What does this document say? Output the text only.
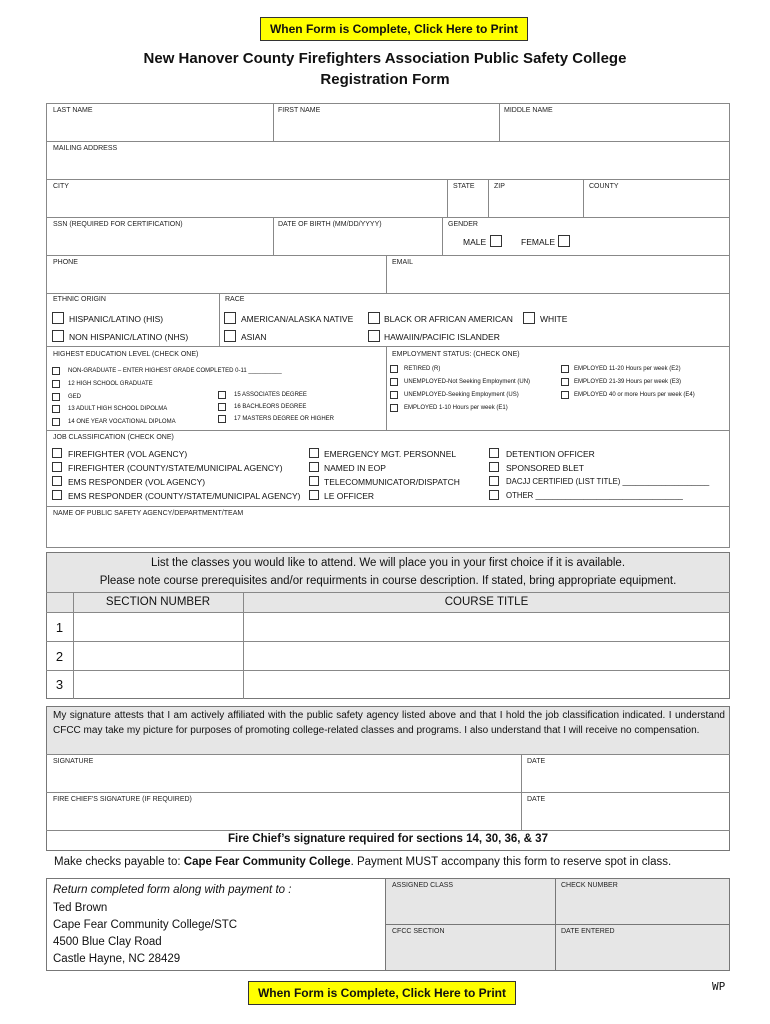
When Form is Complete, Click Here to Print
New Hanover County Firefighters Association Public Safety College
Registration Form
LAST NAME	FIRST NAME	MIDDLE NAME
MAILING ADDRESS
CITY	STATE	ZIP	COUNTY
SSN (REQUIRED FOR CERTIFICATION)	DATE OF BIRTH (MM/DD/YYYY)	GENDER
MALE	FEMALE
PHONE	EMAIL
ETHNIC ORIGIN	RACE
HISPANIC/LATINO (HIS)
NON HISPANIC/LATINO (NHS)
AMERICAN/ALASKA NATIVE	BLACK OR AFRICAN AMERICAN	WHITE
ASIAN	HAWAIIN/PACIFIC ISLANDER
HIGHEST EDUCATION LEVEL (CHECK ONE)	EMPLOYMENT STATUS: (CHECK ONE)
NON-GRADUATE – ENTER HIGHEST GRADE COMPLETED 0-11 __________
12 HIGH SCHOOL GRADUATE
GED
13 ADULT HIGH SCHOOL DIPOLMA
14 ONE YEAR VOCATIONAL DIPLOMA
15 ASSOCIATES DEGREE
16 BACHLEORS DEGREE
17 MASTERS DEGREE OR HIGHER
RETIRED (R)
UNEMPLOYED-Not Seeking Employment (UN)
UNEMPLOYED-Seeking Employment (US)
EMPLOYED 1-10 Hours per week (E1)
EMPLOYED 11-20 Hours per week (E2)
EMPLOYED 21-39 Hours per week (E3)
EMPLOYED 40 or more Hours per week (E4)
JOB CLASSIFICATION (CHECK ONE)
FIREFIGHTER (VOL AGENCY)
FIREFIGHTER (COUNTY/STATE/MUNICIPAL AGENCY)
EMS RESPONDER (VOL AGENCY)
EMS RESPONDER (COUNTY/STATE/MUNICIPAL AGENCY)
EMERGENCY MGT. PERSONNEL
NAMED IN EOP
TELECOMMUNICATOR/DISPATCH
LE OFFICER
DETENTION OFFICER
SPONSORED BLET
DACJJ CERTIFIED (LIST TITLE) ____________________
OTHER __________________________________
NAME OF PUBLIC SAFETY AGENCY/DEPARTMENT/TEAM
List the classes you would like to attend. We will place you in your first choice if it is available.
Please note course prerequisites and/or requirments in course description. If stated, bring appropriate equipment.
SECTION NUMBER	COURSE TITLE
1
2
3
My signature attests that I am actively affiliated with the public safety agency listed above and that I hold the job classification indicated. I understand CFCC may take my picture for purposes of promoting college-related classes and programs. I also understand that I will receive no compensation.
SIGNATURE	DATE
FIRE CHIEF'S SIGNATURE (IF REQUIRED)	DATE
Fire Chief’s signature required for sections 14, 30, 36, & 37
Make checks payable to: Cape Fear Community College. Payment MUST accompany this form to reserve spot in class.
Return completed form along with payment to :
Ted Brown
Cape Fear Community College/STC
4500 Blue Clay Road
Castle Hayne, NC 28429
ASSIGNED CLASS	CHECK NUMBER
CFCC SECTION	DATE ENTERED
When Form is Complete, Click Here to Print	WP
